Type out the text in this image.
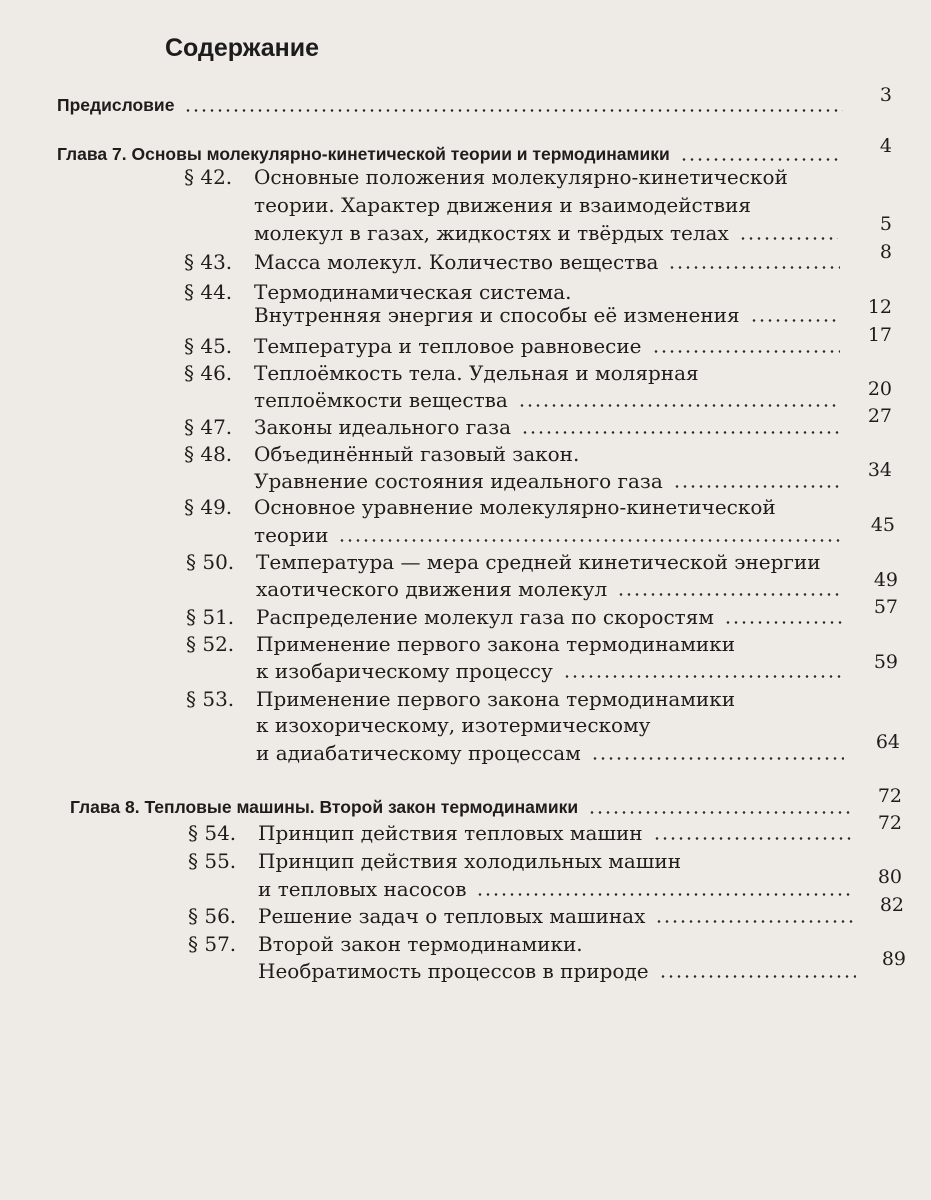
Содержание
Предисловие	3
Глава 7. Основы молекулярно-кинетической теории и термодинамики	4
§ 42.	Основные положения молекулярно-кинетической
теории. Характер движения и взаимодействия
молекул в газах, жидкостях и твёрдых телах	5
§ 43.	Масса молекул. Количество вещества	8
§ 44.	Термодинамическая система.
Внутренняя энергия и способы её изменения	12
§ 45.	Температура и тепловое равновесие	17
§ 46.	Теплоёмкость тела. Удельная и молярная
теплоёмкости вещества	20
§ 47.	Законы идеального газа	27
§ 48.	Объединённый газовый закон.
Уравнение состояния идеального газа	34
§ 49.	Основное уравнение молекулярно-кинетической
теории	45
§ 50.	Температура — мера средней кинетической энергии
хаотического движения молекул	49
§ 51.	Распределение молекул газа по скоростям	57
§ 52.	Применение первого закона термодинамики
к изобарическому процессу	59
§ 53.	Применение первого закона термодинамики
к изохорическому, изотермическому
и адиабатическому процессам	64
Глава 8. Тепловые машины. Второй закон термодинамики	72
§ 54.	Принцип действия тепловых машин	72
§ 55.	Принцип действия холодильных машин
и тепловых насосов	80
§ 56.	Решение задач о тепловых машинах	82
§ 57.	Второй закон термодинамики.
Необратимость процессов в природе	89
